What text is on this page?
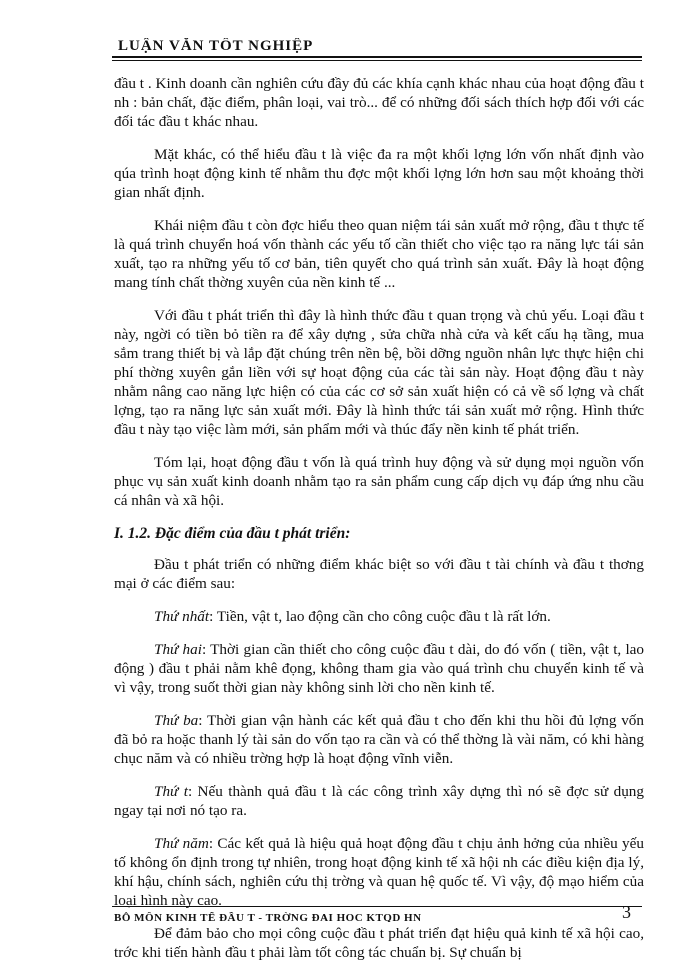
LUẬN VĂN TỐT NGHIỆP

đầu t . Kinh doanh cần nghiên cứu đầy đủ các khía cạnh khác nhau của hoạt động đầu t nh : bản chất, đặc điểm, phân loại, vai trò... để có những đối sách thích hợp đối với các đối tác đầu t khác nhau.

Mặt khác, có thể hiểu đầu t là việc đa ra một khối lợng lớn vốn nhất định vào qúa trình hoạt động kinh tế nhằm thu đợc một khối lợng lớn hơn sau một khoảng thời gian nhất định.

Khái niệm đầu t còn đợc hiểu theo quan niệm tái sản xuất mở rộng, đầu t thực tế là quá trình chuyển hoá vốn thành các yếu tố cần thiết cho việc tạo ra năng lực tái sản xuất, tạo ra những yếu tố cơ bản, tiên quyết cho quá trình sản xuất. Đây là hoạt động mang tính chất thờng xuyên của nền kinh tế ...

Với đầu t phát triển thì đây là hình thức đầu t quan trọng và chủ yếu. Loại đầu t này, ngời có tiền bỏ tiền ra để xây dựng , sửa chữa nhà cửa và kết cấu hạ tầng, mua sắm trang thiết bị và lắp đặt chúng trên nền bệ, bồi dỡng nguồn nhân lực thực hiện chi phí thờng xuyên gắn liền với sự hoạt động của các tài sản này. Hoạt động đầu t này nhằm nâng cao năng lực hiện có của các cơ sở sản xuất hiện có cả về số lợng và chất lợng, tạo ra năng lực sản xuất mới. Đây là hình thức tái sản xuất mở rộng. Hình thức đầu t này tạo việc làm mới, sản phẩm mới và thúc đẩy nền kinh tế phát triển.

Tóm lại, hoạt động đầu t vốn là quá trình huy động và sử dụng mọi nguồn vốn phục vụ sản xuất kinh doanh nhằm tạo ra sản phẩm cung cấp dịch vụ đáp ứng nhu cầu cá nhân và xã hội.

I. 1.2. Đặc điểm của đầu t phát triển:

Đầu t phát triển có những điểm khác biệt so với đầu t tài chính và đầu t thơng mại ở các điểm sau:

Thứ nhất: Tiền, vật t, lao động cần cho công cuộc đầu t là rất lớn.

Thứ hai: Thời gian cần thiết cho công cuộc đầu t dài, do đó vốn ( tiền, vật t, lao động ) đầu t phải nằm khê đọng, không tham gia vào quá trình chu chuyển kinh tế và vì vậy, trong suốt thời gian này không sinh lời cho nền kinh tế.

Thứ ba: Thời gian vận hành các kết quả đầu t cho đến khi thu hồi đủ lợng vốn đã bỏ ra hoặc thanh lý tài sản do vốn tạo ra cần và có thể thờng là vài năm, có khi hàng chục năm và có nhiều trờng hợp là hoạt động vĩnh viễn.

Thứ t: Nếu thành quả đầu t là các công trình xây dựng thì nó sẽ đợc sử dụng ngay tại nơi nó tạo ra.

Thứ năm: Các kết quả là hiệu quả hoạt động đầu t chịu ảnh hởng của nhiều yếu tố không ổn định trong tự nhiên, trong hoạt động kinh tế xã hội nh các điều kiện địa lý, khí hậu, chính sách, nghiên cứu thị trờng và quan hệ quốc tế. Vì vậy, độ mạo hiểm của loại hình này cao.

Để đảm bảo cho mọi công cuộc đầu t phát triển đạt hiệu quả kinh tế xã hội cao, trớc khi tiến hành đầu t phải làm tốt công tác chuẩn bị. Sự chuẩn bị

BỘ MÔN KINH TẾ ĐẦU T - TRỜNG ĐẠI HỌC KTQD HN	3
